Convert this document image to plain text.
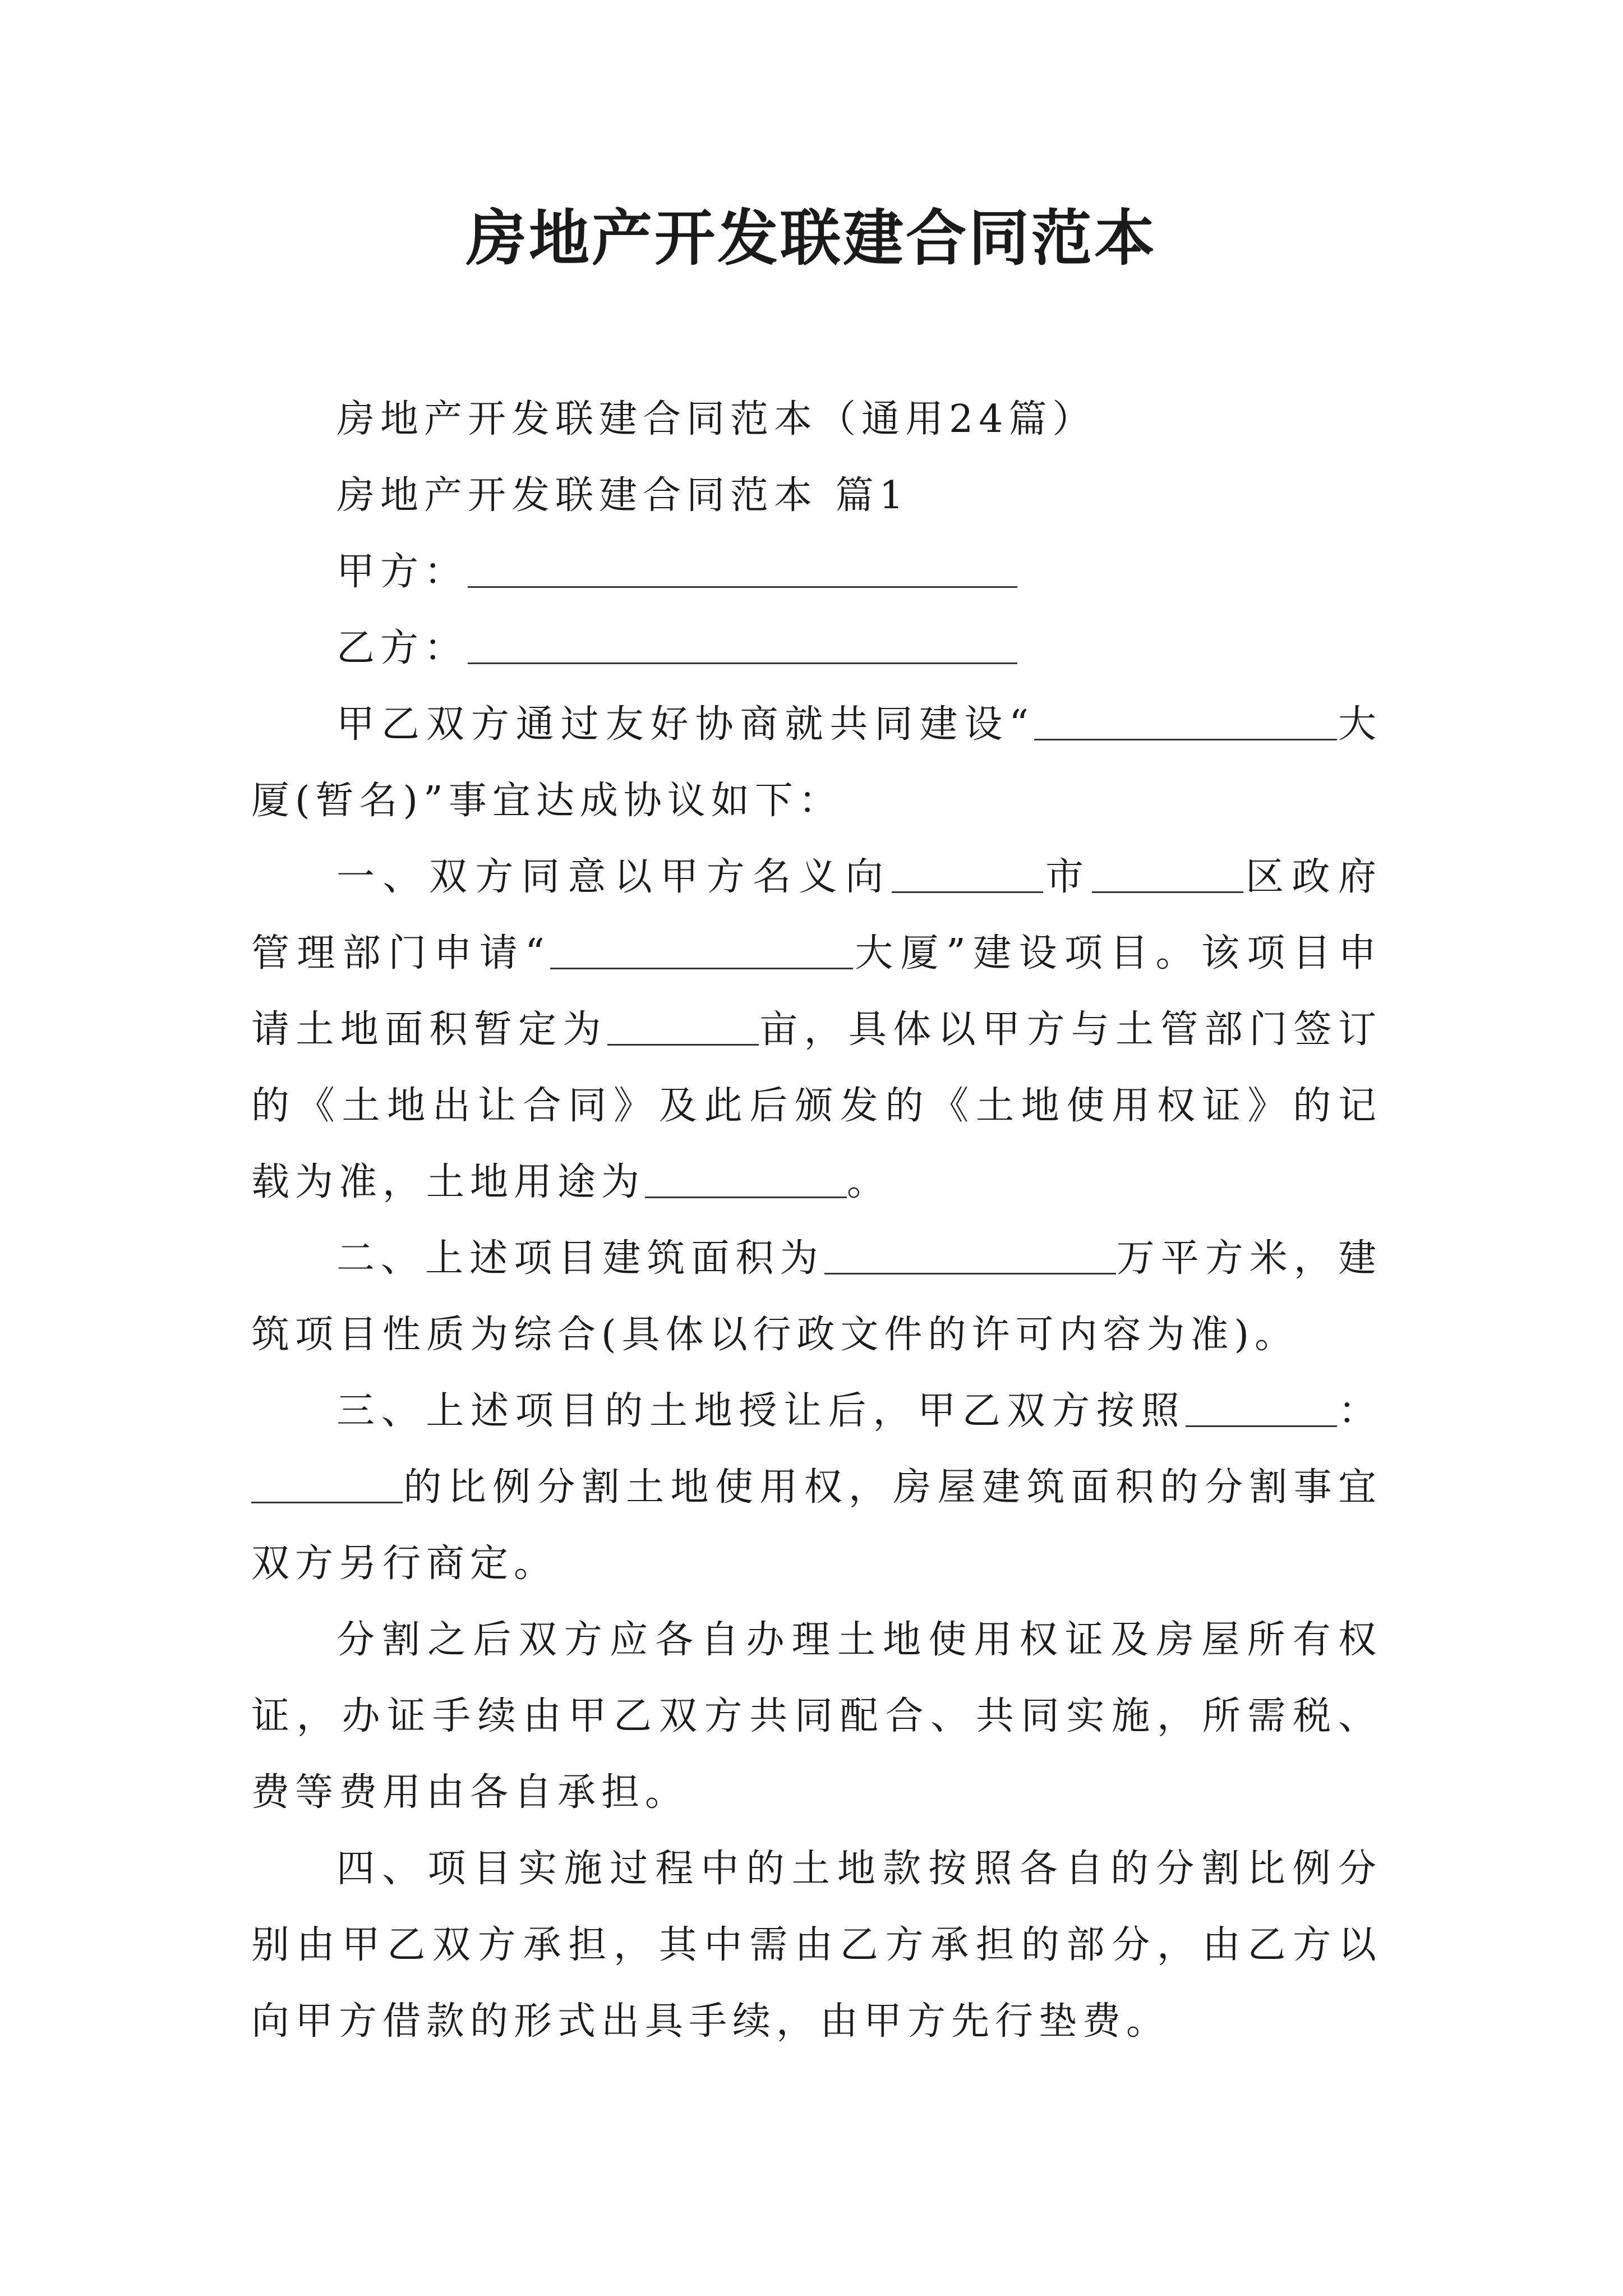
房地产开发联建合同范本

房地产开发联建合同范本（通用24篇）

房地产开发联建合同范本 篇1

甲方：

乙方：

甲乙双方通过友好协商就共同建设“	大厦(暂名)”事宜达成协议如下：

一、双方同意以甲方名义向	市	区政府管理部门申请“	大厦”建设项目。该项目申请土地面积暂定为	亩，具体以甲方与土管部门签订的《土地出让合同》及此后颁发的《土地使用权证》的记载为准，土地用途为	。

二、上述项目建筑面积为	万平方米，建筑项目性质为综合(具体以行政文件的许可内容为准)。

三、上述项目的土地授让后，甲乙双方按照	：的比例分割土地使用权，房屋建筑面积的分割事宜双方另行商定。

分割之后双方应各自办理土地使用权证及房屋所有权证，办证手续由甲乙双方共同配合、共同实施，所需税、费等费用由各自承担。

四、项目实施过程中的土地款按照各自的分割比例分别由甲乙双方承担，其中需由乙方承担的部分，由乙方以向甲方借款的形式出具手续，由甲方先行垫费。
